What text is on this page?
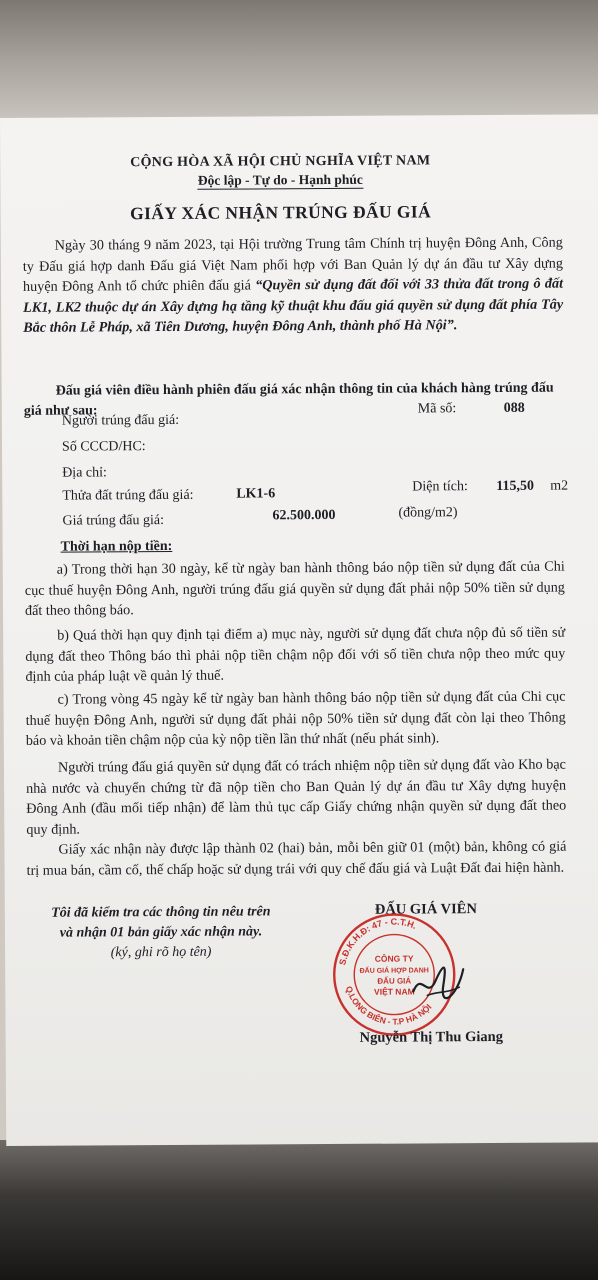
CỘNG HÒA XÃ HỘI CHỦ NGHĨA VIỆT NAM
Độc lập - Tự do - Hạnh phúc
GIẤY XÁC NHẬN TRÚNG ĐẤU GIÁ
Ngày 30 tháng 9 năm 2023, tại Hội trường Trung tâm Chính trị huyện Đông Anh, Công ty Đấu giá hợp danh Đấu giá Việt Nam phối hợp với Ban Quản lý dự án đầu tư Xây dựng huyện Đông Anh tổ chức phiên đấu giá “Quyền sử dụng đất đối với 33 thửa đất trong ô đất LK1, LK2 thuộc dự án Xây dựng hạ tầng kỹ thuật khu đấu giá quyền sử dụng đất phía Tây Bắc thôn Lễ Pháp, xã Tiên Dương, huyện Đông Anh, thành phố Hà Nội”.
Đấu giá viên điều hành phiên đấu giá xác nhận thông tin của khách hàng trúng đấu giá như sau:
Người trúng đấu giá:
Mã số:	088
Số CCCD/HC:
Địa chỉ:
Thửa đất trúng đấu giá:	LK1-6	Diện tích: 115,50 m2
Giá trúng đấu giá:	62.500.000	(đồng/m2)
Thời hạn nộp tiền:
a) Trong thời hạn 30 ngày, kể từ ngày ban hành thông báo nộp tiền sử dụng đất của Chi cục thuế huyện Đông Anh, người trúng đấu giá quyền sử dụng đất phải nộp 50% tiền sử dụng đất theo thông báo.
b) Quá thời hạn quy định tại điểm a) mục này, người sử dụng đất chưa nộp đủ số tiền sử dụng đất theo Thông báo thì phải nộp tiền chậm nộp đối với số tiền chưa nộp theo mức quy định của pháp luật về quản lý thuế.
c) Trong vòng 45 ngày kể từ ngày ban hành thông báo nộp tiền sử dụng đất của Chi cục thuế huyện Đông Anh, người sử dụng đất phải nộp 50% tiền sử dụng đất còn lại theo Thông báo và khoản tiền chậm nộp của kỳ nộp tiền lần thứ nhất (nếu phát sinh).
Người trúng đấu giá quyền sử dụng đất có trách nhiệm nộp tiền sử dụng đất vào Kho bạc nhà nước và chuyển chứng từ đã nộp tiền cho Ban Quản lý dự án đầu tư Xây dựng huyện Đông Anh (đầu mối tiếp nhận) để làm thủ tục cấp Giấy chứng nhận quyền sử dụng đất theo quy định.
Giấy xác nhận này được lập thành 02 (hai) bản, mỗi bên giữ 01 (một) bản, không có giá trị mua bán, cầm cố, thế chấp hoặc sử dụng trái với quy chế đấu giá và Luật Đất đai hiện hành.
Tôi đã kiểm tra các thông tin nêu trên
và nhận 01 bản giấy xác nhận này.
(ký, ghi rõ họ tên)
ĐẤU GIÁ VIÊN
S.Đ.K.H.Đ: 47 - C.T.H.
Q.LONG BIÊN - T.P HÀ NỘI
CÔNG TY
ĐẤU GIÁ HỢP DANH
ĐẤU GIÁ
VIỆT NAM
Nguyễn Thị Thu Giang
